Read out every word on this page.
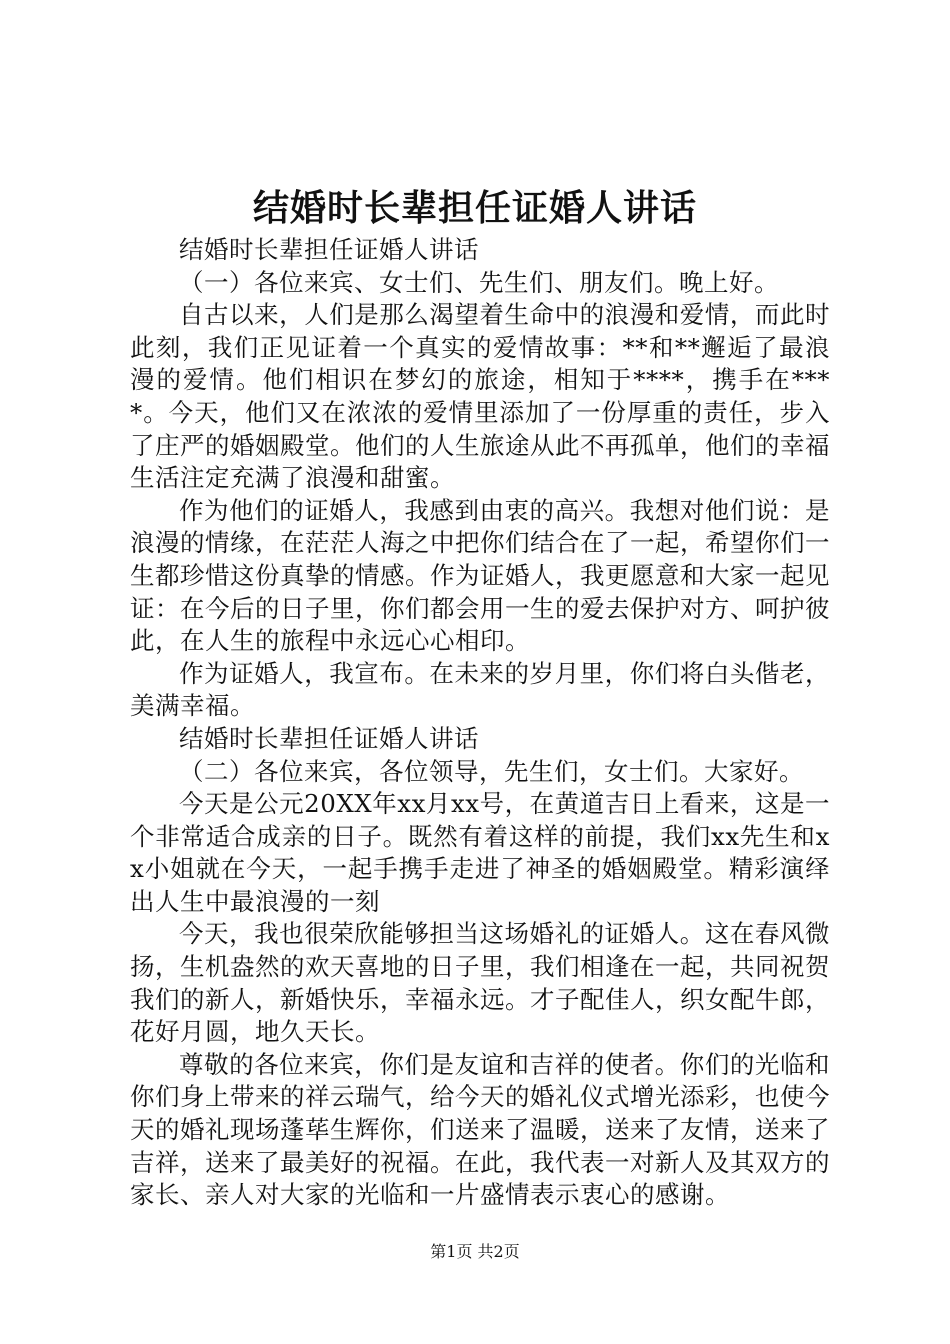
结婚时长辈担任证婚人讲话

结婚时长辈担任证婚人讲话

（一）各位来宾、女士们、先生们、朋友们。晚上好。

自古以来，人们是那么渴望着生命中的浪漫和爱情，而此时此刻，我们正见证着一个真实的爱情故事：**和**邂逅了最浪漫的爱情。他们相识在梦幻的旅途，相知于****，携手在****。今天，他们又在浓浓的爱情里添加了一份厚重的责任，步入了庄严的婚姻殿堂。他们的人生旅途从此不再孤单，他们的幸福生活注定充满了浪漫和甜蜜。

作为他们的证婚人，我感到由衷的高兴。我想对他们说：是浪漫的情缘，在茫茫人海之中把你们结合在了一起，希望你们一生都珍惜这份真挚的情感。作为证婚人，我更愿意和大家一起见证：在今后的日子里，你们都会用一生的爱去保护对方、呵护彼此，在人生的旅程中永远心心相印。

作为证婚人，我宣布。在未来的岁月里，你们将白头偕老，美满幸福。

结婚时长辈担任证婚人讲话

（二）各位来宾，各位领导，先生们，女士们。大家好。

今天是公元20XX年xx月xx号，在黄道吉日上看来，这是一个非常适合成亲的日子。既然有着这样的前提，我们xx先生和xx小姐就在今天，一起手携手走进了神圣的婚姻殿堂。精彩演绎出人生中最浪漫的一刻

今天，我也很荣欣能够担当这场婚礼的证婚人。这在春风微扬，生机盎然的欢天喜地的日子里，我们相逢在一起，共同祝贺我们的新人，新婚快乐，幸福永远。才子配佳人，织女配牛郎，花好月圆，地久天长。

尊敬的各位来宾，你们是友谊和吉祥的使者。你们的光临和你们身上带来的祥云瑞气，给今天的婚礼仪式增光添彩，也使今天的婚礼现场蓬荜生辉你，们送来了温暖，送来了友情，送来了吉祥，送来了最美好的祝福。在此，我代表一对新人及其双方的家长、亲人对大家的光临和一片盛情表示衷心的感谢。

第1页 共2页
